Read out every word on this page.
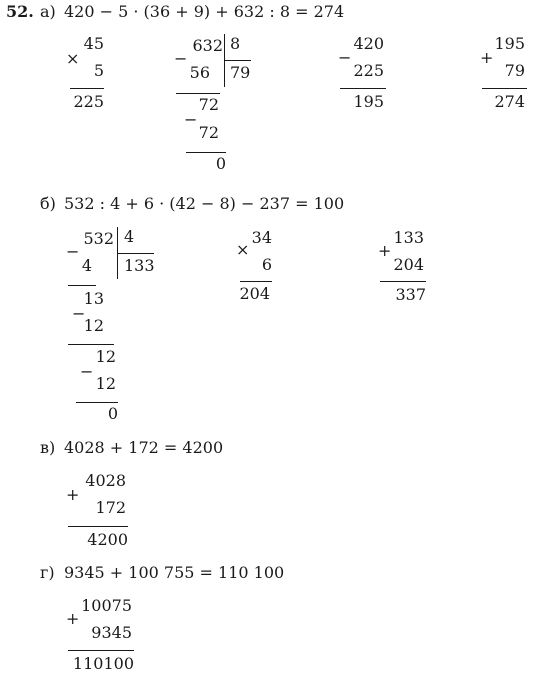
52. а) 420 − 5 · (36 + 9) + 632 : 8 = 274
×
45
5
225
−
632 8
79
56
72
−
72
0
−
420
225
195
+
195
79
274
б) 532 : 4 + 6 · (42 − 8) − 237 = 100
−
532 4
133
4
13
−
12
12
−
12
0
×
34
6
204
+
133
204
337
в) 4028 + 172 = 4200
+
4028
172
4200
г) 9345 + 100 755 = 110 100
+
10075
9345
110100
